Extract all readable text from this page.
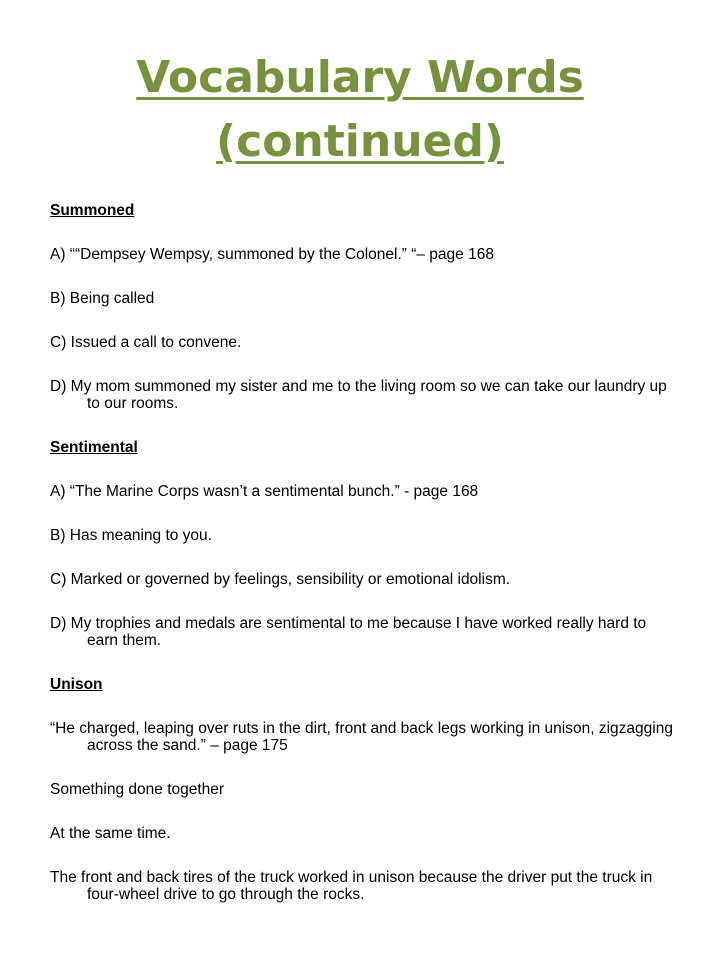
Vocabulary Words
(continued)

Summoned

A) ““Dempsey Wempsy, summoned by the Colonel.” “– page 168

B) Being called

C) Issued a call to convene.

D) My mom summoned my sister and me to the living room so we can take our laundry up to our rooms.

Sentimental

A) “The Marine Corps wasn’t a sentimental bunch.” - page 168

B) Has meaning to you.

C) Marked or governed by feelings, sensibility or emotional idolism.

D) My trophies and medals are sentimental to me because I have worked really hard to earn them.

Unison

“He charged, leaping over ruts in the dirt, front and back legs working in unison, zigzagging across the sand.” – page 175

Something done together

At the same time.

The front and back tires of the truck worked in unison because the driver put the truck in four-wheel drive to go through the rocks.
